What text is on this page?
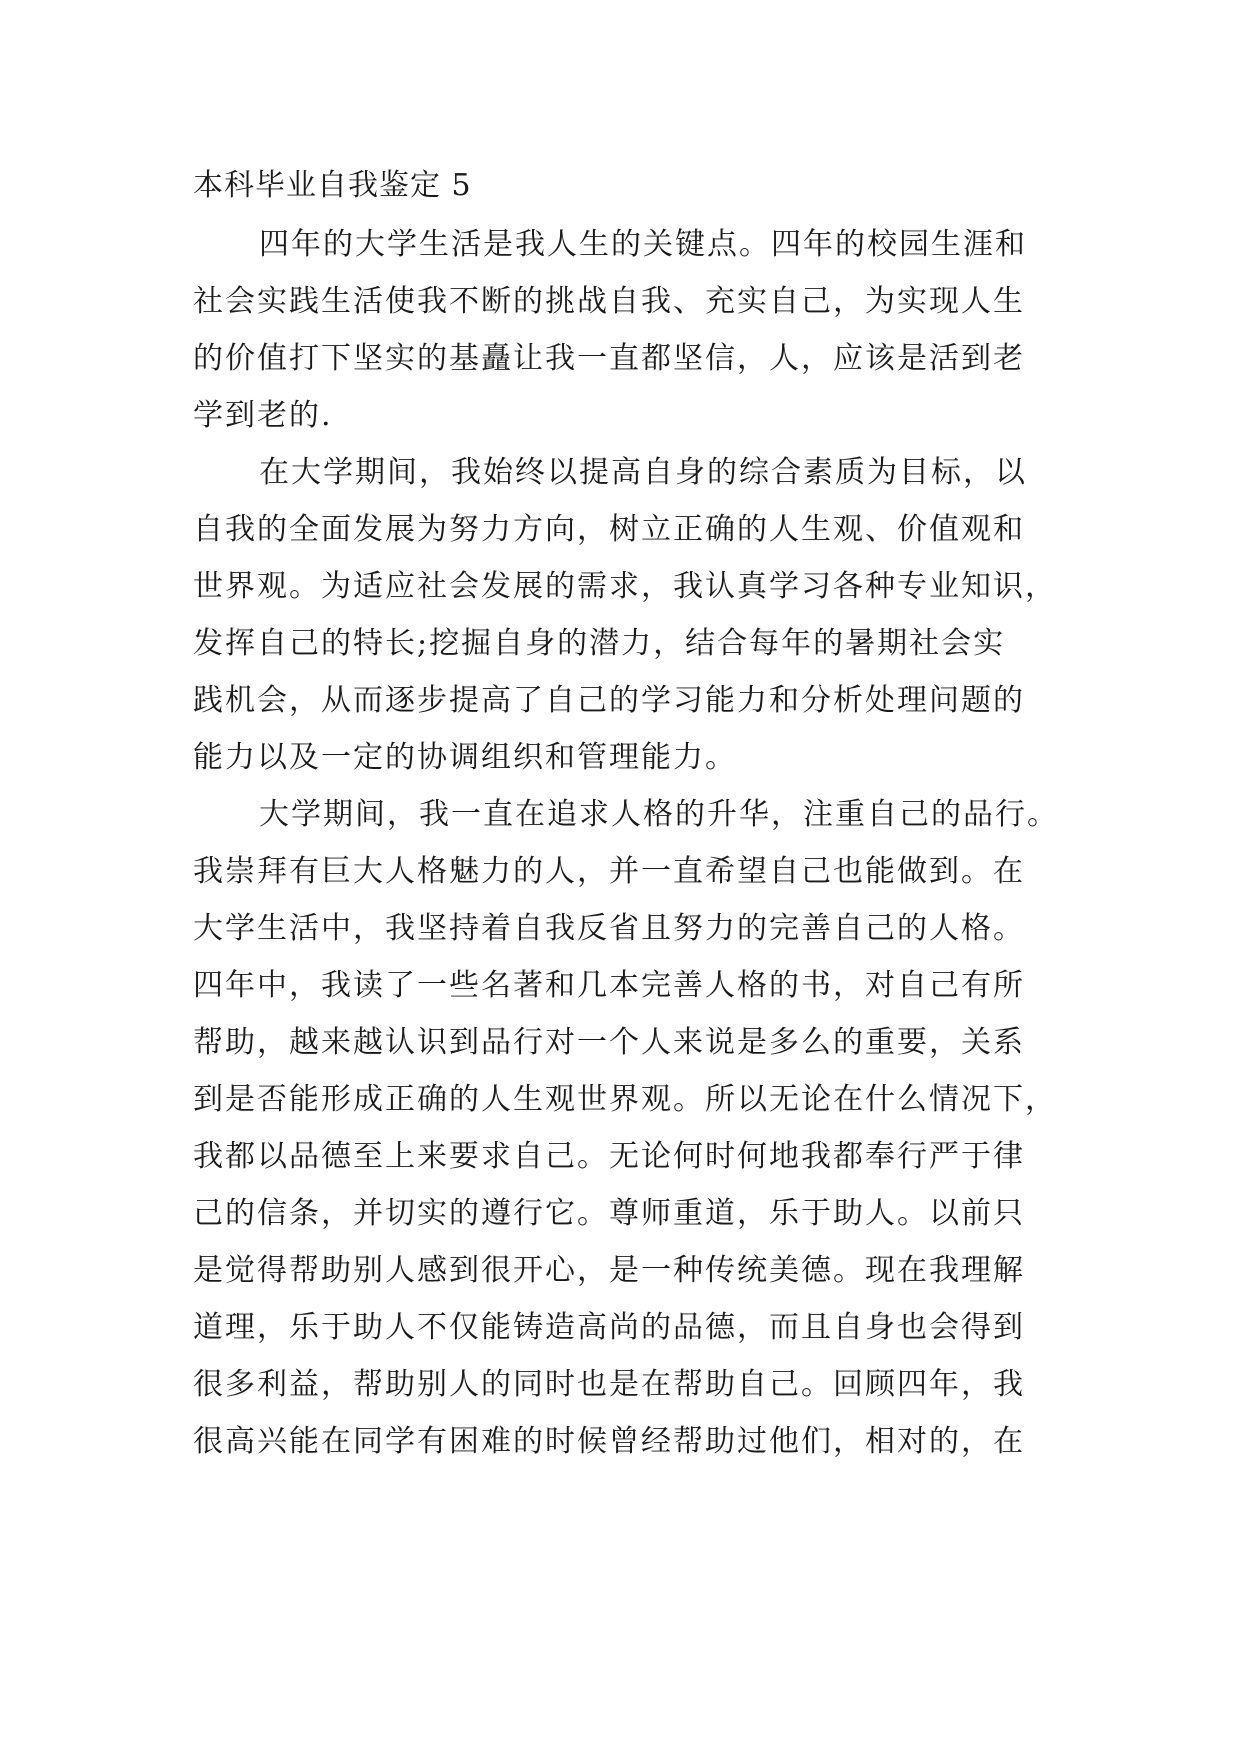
本科毕业自我鉴定 5
四年的大学生活是我人生的关键点。四年的校园生涯和
社会实践生活使我不断的挑战自我、充实自己，为实现人生
的价值打下坚实的基矗让我一直都坚信，人，应该是活到老
学到老的.
在大学期间，我始终以提高自身的综合素质为目标，以
自我的全面发展为努力方向，树立正确的人生观、价值观和
世界观。为适应社会发展的需求，我认真学习各种专业知识，
发挥自己的特长;挖掘自身的潜力，结合每年的暑期社会实
践机会，从而逐步提高了自己的学习能力和分析处理问题的
能力以及一定的协调组织和管理能力。
大学期间，我一直在追求人格的升华，注重自己的品行。
我崇拜有巨大人格魅力的人，并一直希望自己也能做到。在
大学生活中，我坚持着自我反省且努力的完善自己的人格。
四年中，我读了一些名著和几本完善人格的书，对自己有所
帮助，越来越认识到品行对一个人来说是多么的重要，关系
到是否能形成正确的人生观世界观。所以无论在什么情况下，
我都以品德至上来要求自己。无论何时何地我都奉行严于律
己的信条，并切实的遵行它。尊师重道，乐于助人。以前只
是觉得帮助别人感到很开心，是一种传统美德。现在我理解
道理，乐于助人不仅能铸造高尚的品德，而且自身也会得到
很多利益，帮助别人的同时也是在帮助自己。回顾四年，我
很高兴能在同学有困难的时候曾经帮助过他们，相对的，在
